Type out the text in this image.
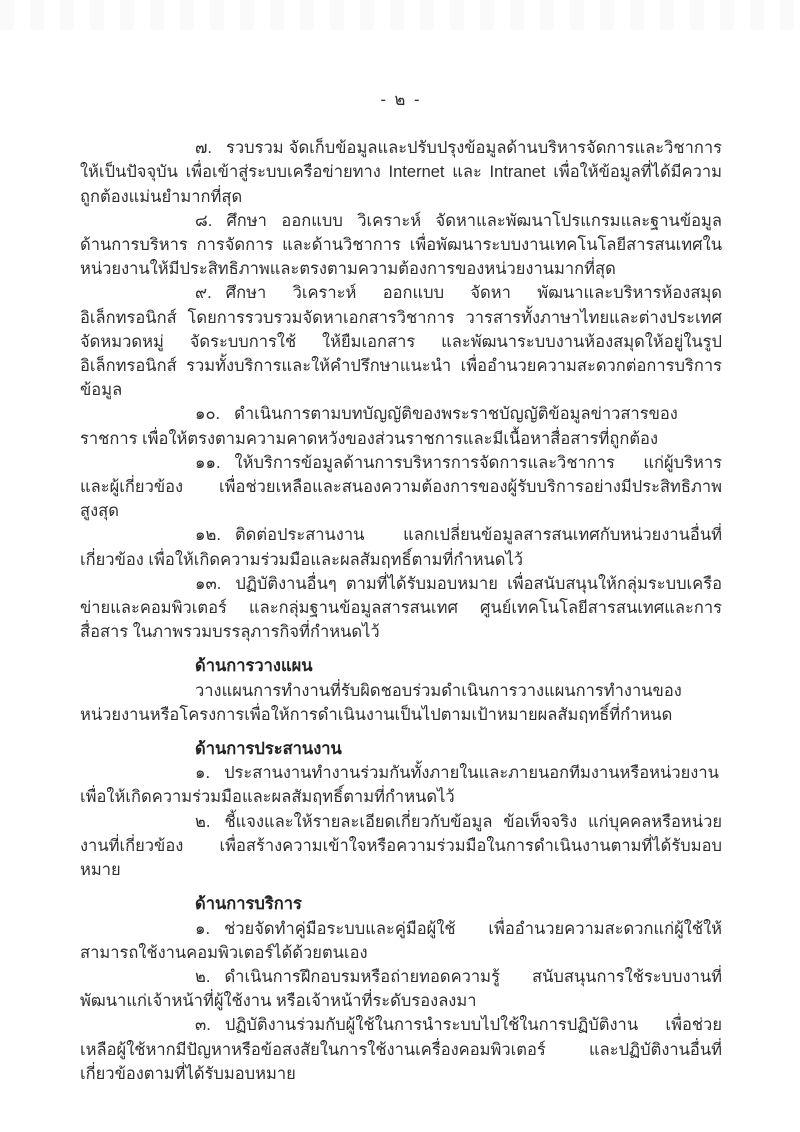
- ๒ -

๗. รวบรวม จัดเก็บข้อมูลและปรับปรุงข้อมูลด้านบริหารจัดการและวิชาการ ให้เป็นปัจจุบัน เพื่อเข้าสู่ระบบเครือข่ายทาง Internet และ Intranet เพื่อให้ข้อมูลที่ได้มีความถูกต้องแม่นยำมากที่สุด

๘. ศึกษา ออกแบบ วิเคราะห์ จัดหาและพัฒนาโปรแกรมและฐานข้อมูลด้านการบริหาร การจัดการ และด้านวิชาการ เพื่อพัฒนาระบบงานเทคโนโลยีสารสนเทศในหน่วยงานให้มีประสิทธิภาพและตรงตามความต้องการของหน่วยงานมากที่สุด

๙. ศึกษา วิเคราะห์ ออกแบบ จัดหา พัฒนาและบริหารห้องสมุดอิเล็กทรอนิกส์ โดยการรวบรวมจัดหาเอกสารวิชาการ วารสารทั้งภาษาไทยและต่างประเทศ จัดหมวดหมู่ จัดระบบการใช้ ให้ยืมเอกสาร และพัฒนาระบบงานห้องสมุดให้อยู่ในรูปอิเล็กทรอนิกส์ รวมทั้งบริการและให้คำปรึกษาแนะนำ เพื่ออำนวยความสะดวกต่อการบริการข้อมูล

๑๐. ดำเนินการตามบทบัญญัติของพระราชบัญญัติข้อมูลข่าวสารของราชการ เพื่อให้ตรงตามความคาดหวังของส่วนราชการและมีเนื้อหาสื่อสารที่ถูกต้อง

๑๑. ให้บริการข้อมูลด้านการบริหารการจัดการและวิชาการ แก่ผู้บริหารและผู้เกี่ยวข้อง เพื่อช่วยเหลือและสนองความต้องการของผู้รับบริการอย่างมีประสิทธิภาพสูงสุด

๑๒. ติดต่อประสานงาน แลกเปลี่ยนข้อมูลสารสนเทศกับหน่วยงานอื่นที่เกี่ยวข้อง เพื่อให้เกิดความร่วมมือและผลสัมฤทธิ์ตามที่กำหนดไว้

๑๓. ปฏิบัติงานอื่นๆ ตามที่ได้รับมอบหมาย เพื่อสนับสนุนให้กลุ่มระบบเครือข่ายและคอมพิวเตอร์ และกลุ่มฐานข้อมูลสารสนเทศ ศูนย์เทคโนโลยีสารสนเทศและการสื่อสาร ในภาพรวมบรรลุภารกิจที่กำหนดไว้

ด้านการวางแผน

วางแผนการทำงานที่รับผิดชอบร่วมดำเนินการวางแผนการทำงานของหน่วยงานหรือโครงการเพื่อให้การดำเนินงานเป็นไปตามเป้าหมายผลสัมฤทธิ์ที่กำหนด

ด้านการประสานงาน

๑. ประสานงานทำงานร่วมกันทั้งภายในและภายนอกทีมงานหรือหน่วยงาน เพื่อให้เกิดความร่วมมือและผลสัมฤทธิ์ตามที่กำหนดไว้

๒. ชี้แจงและให้รายละเอียดเกี่ยวกับข้อมูล ข้อเท็จจริง แก่บุคคลหรือหน่วยงานที่เกี่ยวข้อง เพื่อสร้างความเข้าใจหรือความร่วมมือในการดำเนินงานตามที่ได้รับมอบหมาย

ด้านการบริการ

๑. ช่วยจัดทำคู่มือระบบและคู่มือผู้ใช้ เพื่ออำนวยความสะดวกแก่ผู้ใช้ให้สามารถใช้งานคอมพิวเตอร์ได้ด้วยตนเอง

๒. ดำเนินการฝึกอบรมหรือถ่ายทอดความรู้ สนับสนุนการใช้ระบบงานที่พัฒนาแก่เจ้าหน้าที่ผู้ใช้งาน หรือเจ้าหน้าที่ระดับรองลงมา

๓. ปฏิบัติงานร่วมกับผู้ใช้ในการนำระบบไปใช้ในการปฏิบัติงาน เพื่อช่วยเหลือผู้ใช้หากมีปัญหาหรือข้อสงสัยในการใช้งานเครื่องคอมพิวเตอร์ และปฏิบัติงานอื่นที่เกี่ยวข้องตามที่ได้รับมอบหมาย
